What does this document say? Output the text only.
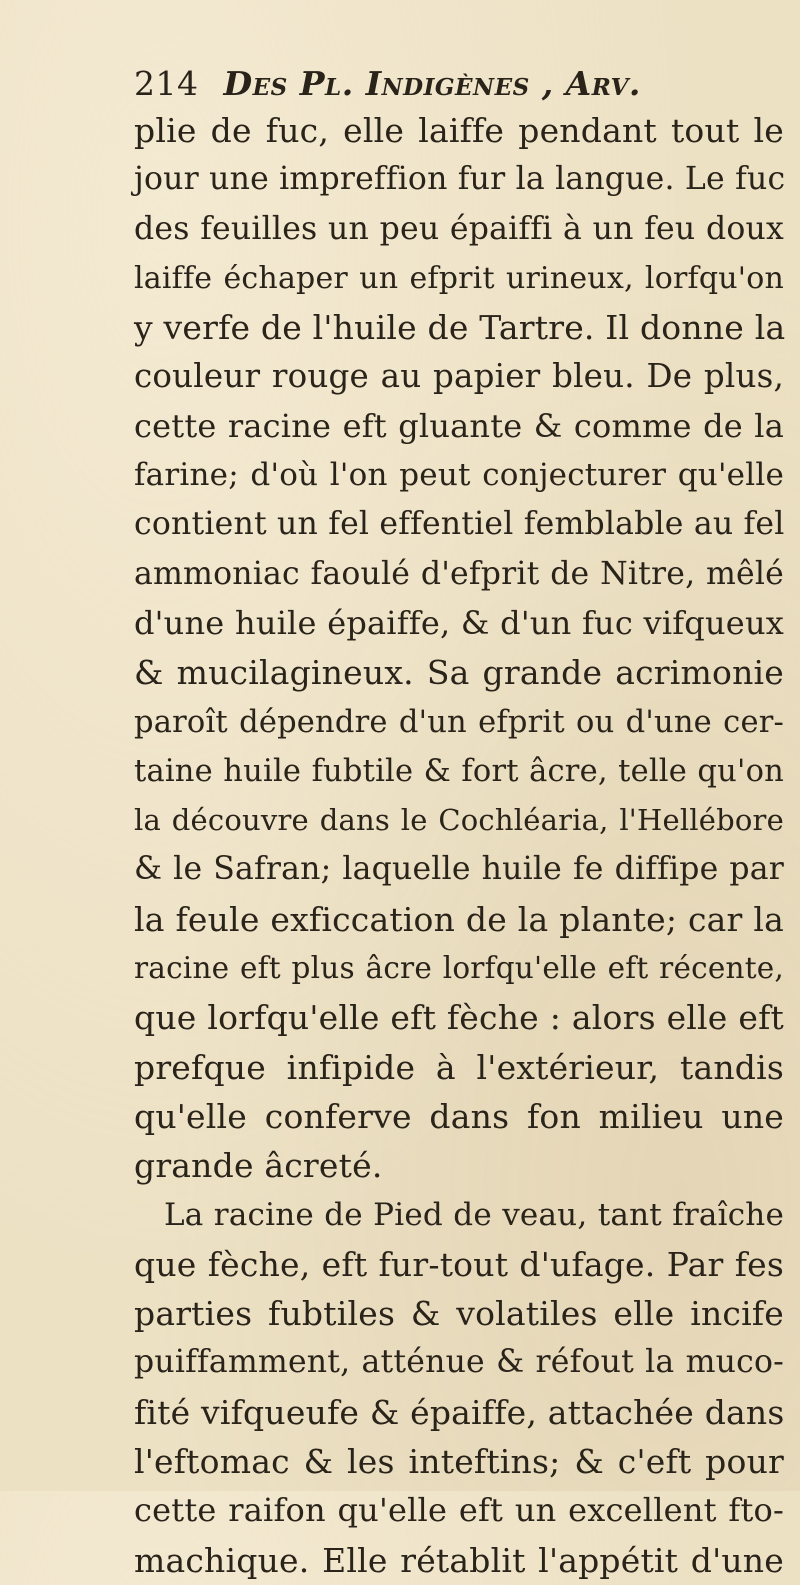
214 Des Pl. Indigènes , Arv.
plie de fuc, elle laiffe pendant tout le
jour une impreffion fur la langue. Le fuc
des feuilles un peu épaiffi à un feu doux
laiffe échaper un efprit urineux, lorfqu'on
y verfe de l'huile de Tartre. Il donne la
couleur rouge au papier bleu. De plus,
cette racine eft gluante & comme de la
farine; d'où l'on peut conjecturer qu'elle
contient un fel effentiel femblable au fel
ammoniac faoulé d'efprit de Nitre, mêlé
d'une huile épaiffe, & d'un fuc vifqueux
& mucilagineux. Sa grande acrimonie
paroît dépendre d'un efprit ou d'une cer-
taine huile fubtile & fort âcre, telle qu'on
la découvre dans le Cochléaria, l'Hellébore
& le Safran; laquelle huile fe diffipe par
la feule exficcation de la plante; car la
racine eft plus âcre lorfqu'elle eft récente,
que lorfqu'elle eft fèche : alors elle eft
prefque infipide à l'extérieur, tandis
qu'elle conferve dans fon milieu une
grande âcreté.
La racine de Pied de veau, tant fraîche
que fèche, eft fur-tout d'ufage. Par fes
parties fubtiles & volatiles elle incife
puiffamment, atténue & réfout la muco-
fité vifqueufe & épaiffe, attachée dans
l'eftomac & les inteftins; & c'eft pour
cette raifon qu'elle eft un excellent fto-
machique. Elle rétablit l'appétit d'une
